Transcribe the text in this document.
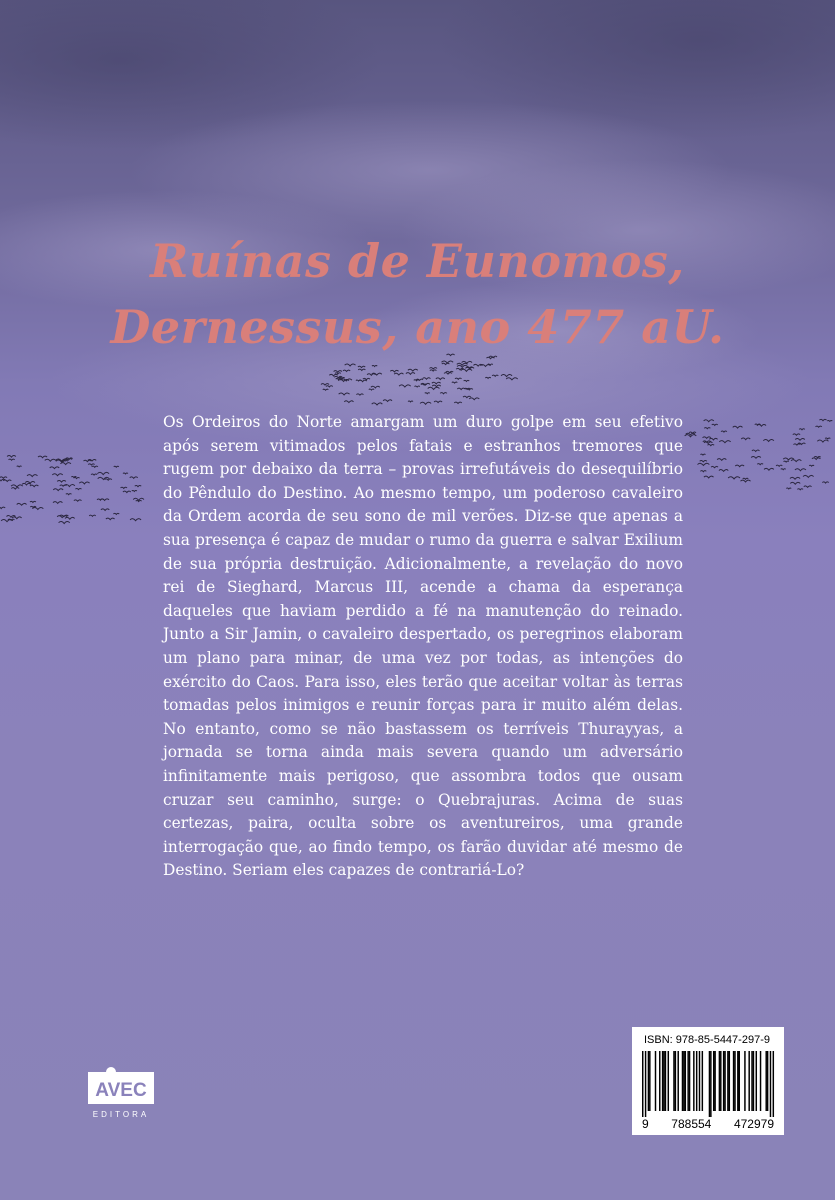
Ruínas de Eunomos,
Dernessus, ano 477 aU.

Os Ordeiros do Norte amargam um duro golpe em seu efetivo após serem vitimados pelos fatais e estranhos tremores que rugem por debaixo da terra – provas irrefutáveis do desequilíbrio do Pêndulo do Destino. Ao mesmo tempo, um poderoso cavaleiro da Ordem acorda de seu sono de mil verões. Diz-se que apenas a sua presença é capaz de mudar o rumo da guerra e salvar Exilium de sua própria destruição. Adicionalmente, a revelação do novo rei de Sieghard, Marcus III, acende a chama da esperança daqueles que haviam perdido a fé na manutenção do reinado. Junto a Sir Jamin, o cavaleiro despertado, os peregrinos elaboram um plano para minar, de uma vez por todas, as intenções do exército do Caos. Para isso, eles terão que aceitar voltar às terras tomadas pelos inimigos e reunir forças para ir muito além delas. No entanto, como se não bastassem os terríveis Thurayyas, a jornada se torna ainda mais severa quando um adversário infinitamente mais perigoso, que assombra todos que ousam cruzar seu caminho, surge: o Quebrajuras. Acima de suas certezas, paira, oculta sobre os aventureiros, uma grande interrogação que, ao findo tempo, os farão duvidar até mesmo de Destino. Seriam eles capazes de contrariá-Lo?

AVEC
EDITORA
ISBN: 978-85-5447-297-9
9 788554 472979
